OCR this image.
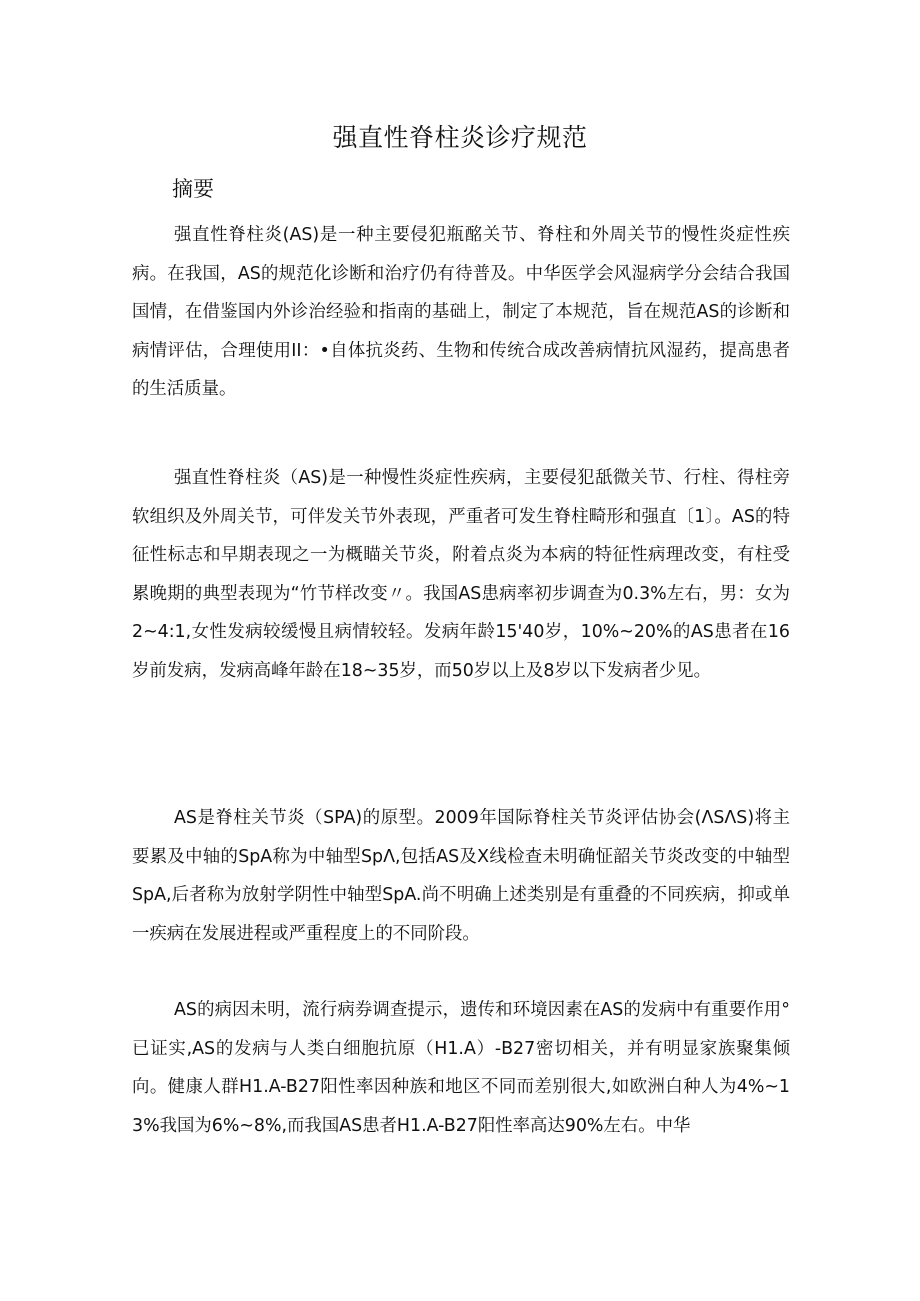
强直性脊柱炎诊疗规范
摘要

强直性脊柱炎(AS)是一种主要侵犯瓶酩关节、脊柱和外周关节的慢性炎症性疾病。在我国，AS的规范化诊断和治疗仍有待普及。中华医学会风湿病学分会结合我国国情，在借鉴国内外诊治经验和指南的基础上，制定了本规范，旨在规范AS的诊断和病情评估，合理使用II：•自体抗炎药、生物和传统合成改善病情抗风湿药，提高患者的生活质量。

强直性脊柱炎（AS)是一种慢性炎症性疾病，主要侵犯舐微关节、行柱、得柱旁软组织及外周关节，可伴发关节外表现，严重者可发生脊柱畸形和强直〔1〕。AS的特征性标志和早期表现之一为概瞄关节炎，附着点炎为本病的特征性病理改变，有柱受累晚期的典型表现为“竹节样改变〃。我国AS患病率初步调查为0.3%左右，男：女为2~4:1,女性发病较缓慢且病情较轻。发病年龄15'40岁，10%~20%的AS患者在16岁前发病，发病高峰年龄在18~35岁，而50岁以上及8岁以下发病者少见。

AS是脊柱关节炎（SPA)的原型。2009年国际脊柱关节炎评估协会(ΛSΛS)将主要累及中轴的SpA称为中轴型SpΛ,包括AS及X线检查未明确怔韶关节炎改变的中轴型SpA,后者称为放射学阴性中轴型SpA.尚不明确上述类别是有重叠的不同疾病，抑或单一疾病在发展进程或严重程度上的不同阶段。

AS的病因未明，流行病券调查提示，遗传和环境因素在AS的发病中有重要作用°已证实,AS的发病与人类白细胞抗原（H1.A）-B27密切相关，并有明显家族聚集倾向。健康人群H1.A-B27阳性率因种族和地区不同而差别很大,如欧洲白种人为4%~13%我国为6%~8%,而我国AS患者H1.A-B27阳性率高达90%左右。中华
